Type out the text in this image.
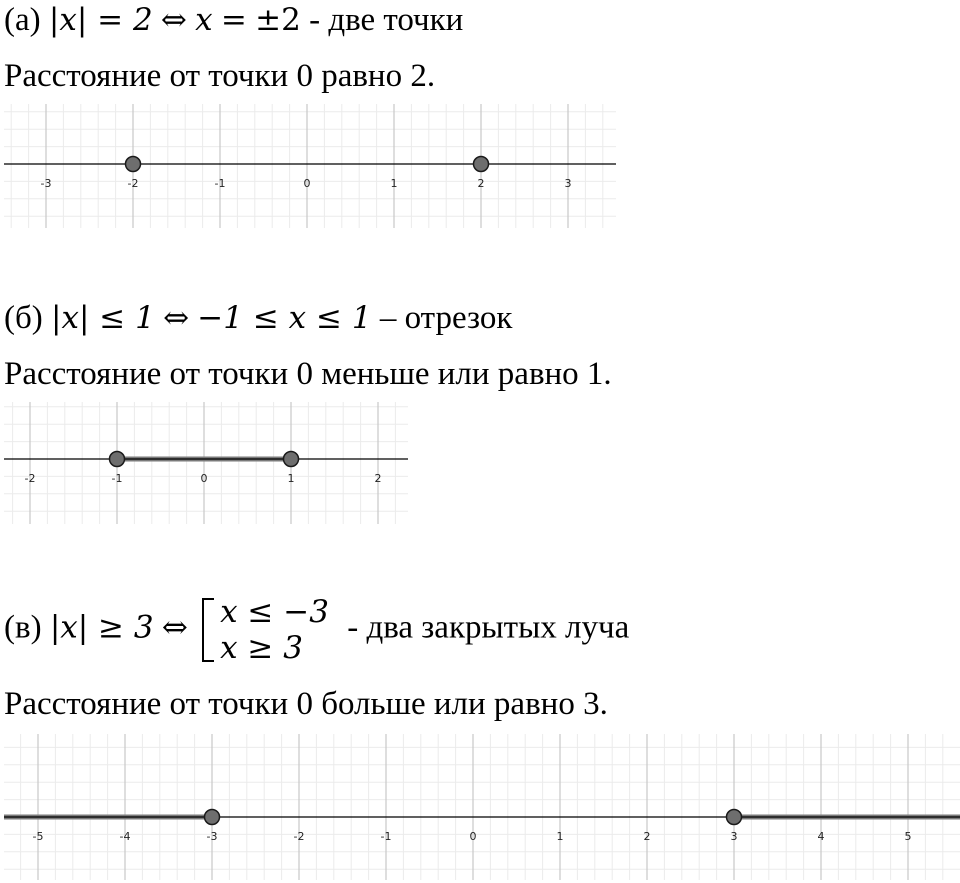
(а) |x| = 2 ⇔ x = ±2 - две точки
Расстояние от точки 0 равно 2.
-3	-2	-1	0	1	2	3
(б) |x| ≤ 1 ⇔ −1 ≤ x ≤ 1 – отрезок
Расстояние от точки 0 меньше или равно 1.
-2	-1	0	1	2
(в) |x| ≥ 3 ⇔ x ≤ −3
x ≥ 3
- два закрытых луча
Расстояние от точки 0 больше или равно 3.
-5	-4	-3	-2	-1	0	1	2	3	4	5
